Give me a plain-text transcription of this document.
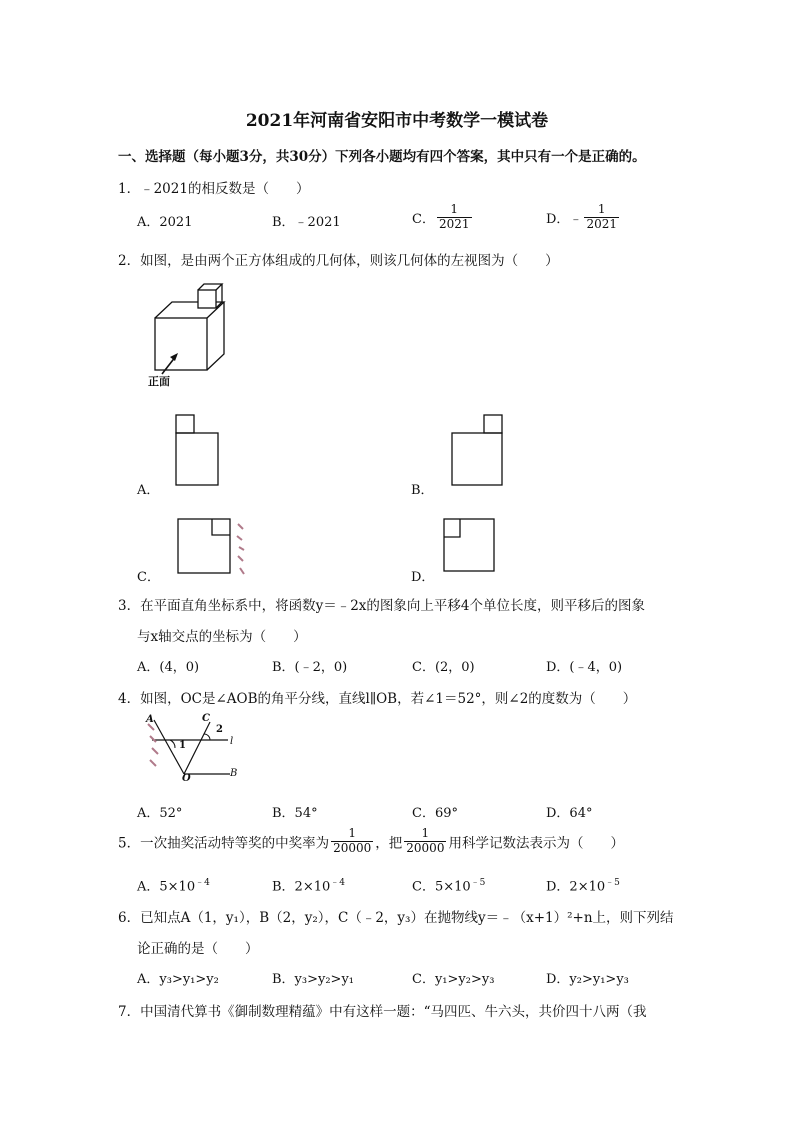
2021年河南省安阳市中考数学一模试卷
一、选择题（每小题3分，共30分）下列各小题均有四个答案，其中只有一个是正确的。
1．﹣2021的相反数是（　　）
A．2021	B．﹣2021	C． $\frac{1}{2021}$	D．﹣ $\frac{1}{2021}$
2．如图，是由两个正方体组成的几何体，则该几何体的左视图为（　　）
正面
A．	B．
C．	D．
3．在平面直角坐标系中，将函数y＝﹣2x的图象向上平移4个单位长度，则平移后的图象
与x轴交点的坐标为（　　）
A．(4，0)	B．(﹣2，0)	C．(2，0)	D．(﹣4，0)
4．如图，OC是∠AOB的角平分线，直线l∥OB，若∠1＝52°，则∠2的度数为（　　）
A	C
2
1	l
O	B
A．52°	B．54°	C．69°	D．64°
5．一次抽奖活动特等奖的中奖率为 $\frac{1}{20000}$ ，把 $\frac{1}{20000}$ 用科学记数法表示为（　　）
A．$5\times 10^{﹣4}$	B．$2\times 10^{﹣4}$	C．$5\times 10^{﹣5}$	D．$2\times 10^{﹣5}$
6．已知点A（1，y₁），B（2，y₂），C（﹣2，y₃）在抛物线y＝﹣（x+1）²+n上，则下列结
论正确的是（　　）
A．y₃>y₁>y₂	B．y₃>y₂>y₁	C．y₁>y₂>y₃	D．y₂>y₁>y₃
7．中国清代算书《御制数理精蕴》中有这样一题：“马四匹、牛六头，共价四十八两（我
